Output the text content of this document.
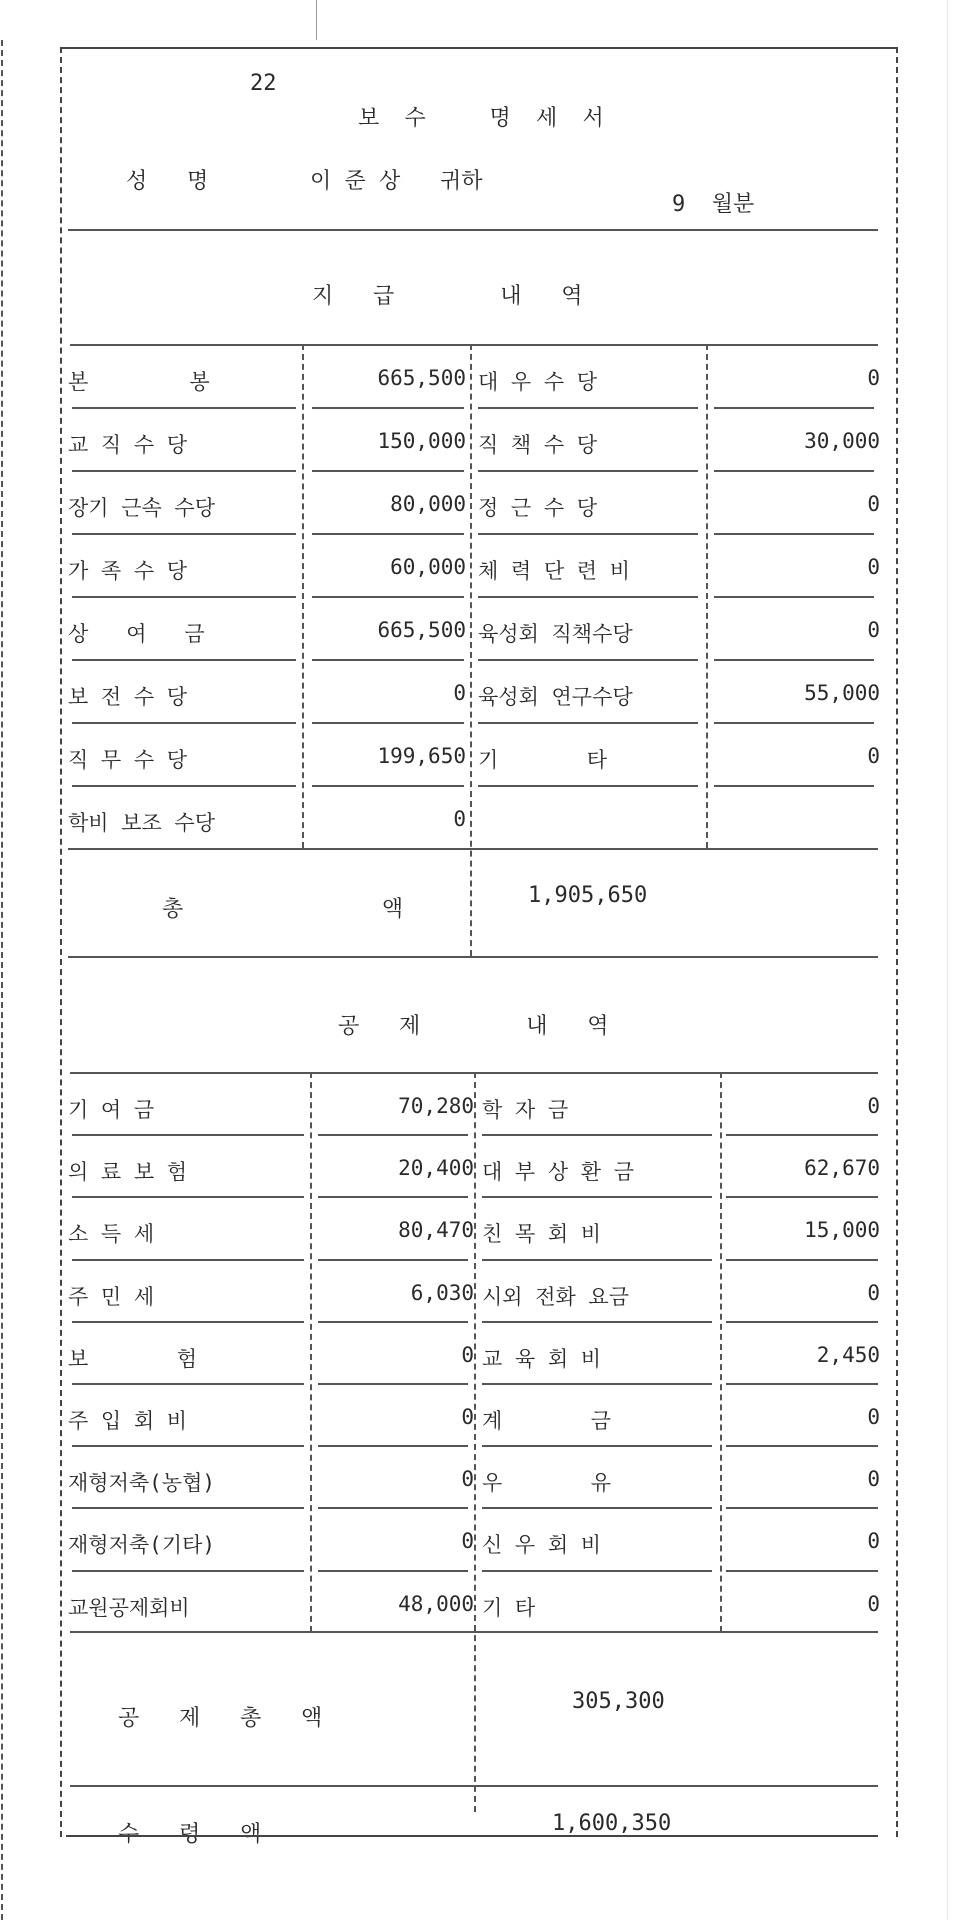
22
보 수   명 세 서
성   명	이 준 상   귀하
9  월분
지   급        내   역
본        봉	665,500 대 우 수 당	0
교 직 수 당	150,000 직 책 수 당	30,000
장기 근속 수당	80,000 정 근 수 당	0
가 족 수 당	60,000 체 력 단 련 비	0
상   여   금	665,500 육성회 직책수당	0
보 전 수 당	0 육성회 연구수당	55,000
직 무 수 당	199,650 기       타	0
학비 보조 수당	0
총               액
1,905,650
공   제        내   역
기 여 금	70,280 학 자 금	0
의 료 보 험	20,400 대 부 상 환 금	62,670
소 득 세	80,470 친 목 회 비	15,000
주 민 세	6,030 시외 전화 요금	0
보       험	0 교 육 회 비	2,450
주 입 회 비	0 계       금	0
재형저축(농협)	0 우       유	0
재형저축(기타)	0 신 우 회 비	0
교원공제회비	48,000 기 타	0
공   제   총   액
305,300
수   령   액	1,600,350
